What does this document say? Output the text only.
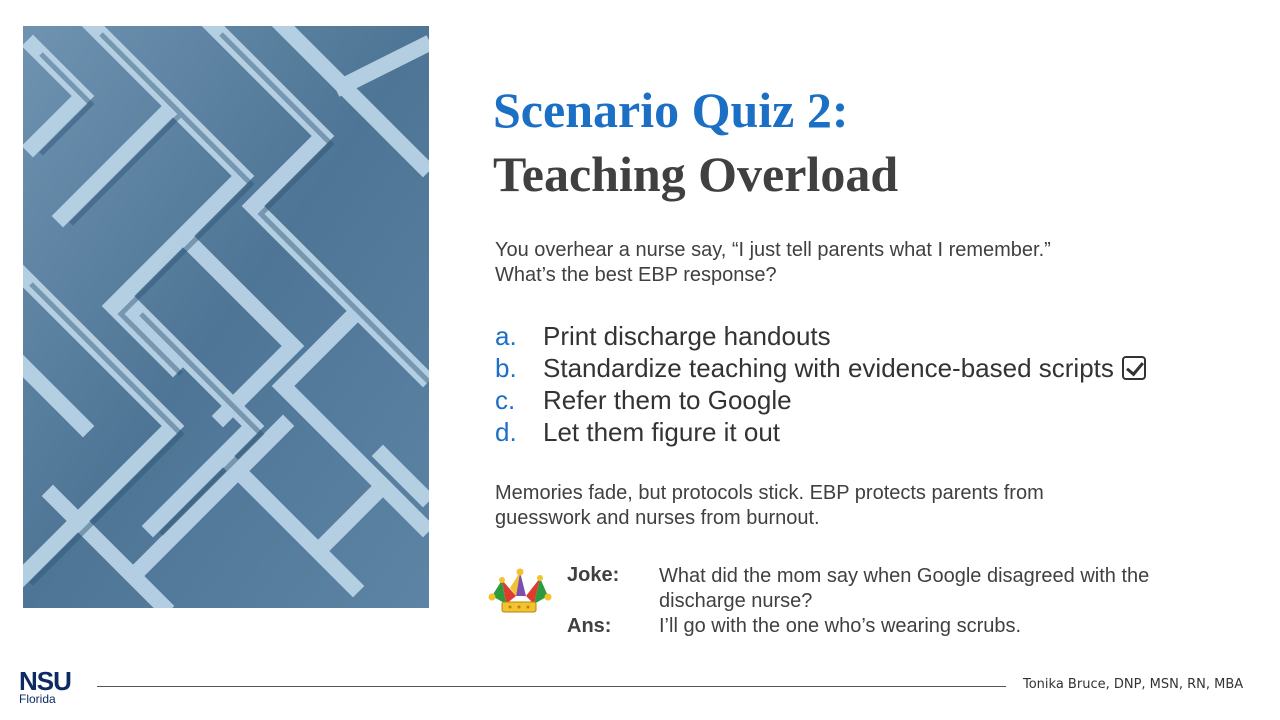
Scenario Quiz 2:
Teaching Overload
You overhear a nurse say, “I just tell parents what I remember.”
What’s the best EBP response?
a.	Print discharge handouts
b.	Standardize teaching with evidence-based scripts
c.	Refer them to Google
d.	Let them figure it out
Memories fade, but protocols stick. EBP protects parents from
guesswork and nurses from burnout.
Joke: What did the mom say when Google disagreed with the
discharge nurse?
Ans: I’ll go with the one who’s wearing scrubs.
NSU
Florida
Tonika Bruce, DNP, MSN, RN, MBA
